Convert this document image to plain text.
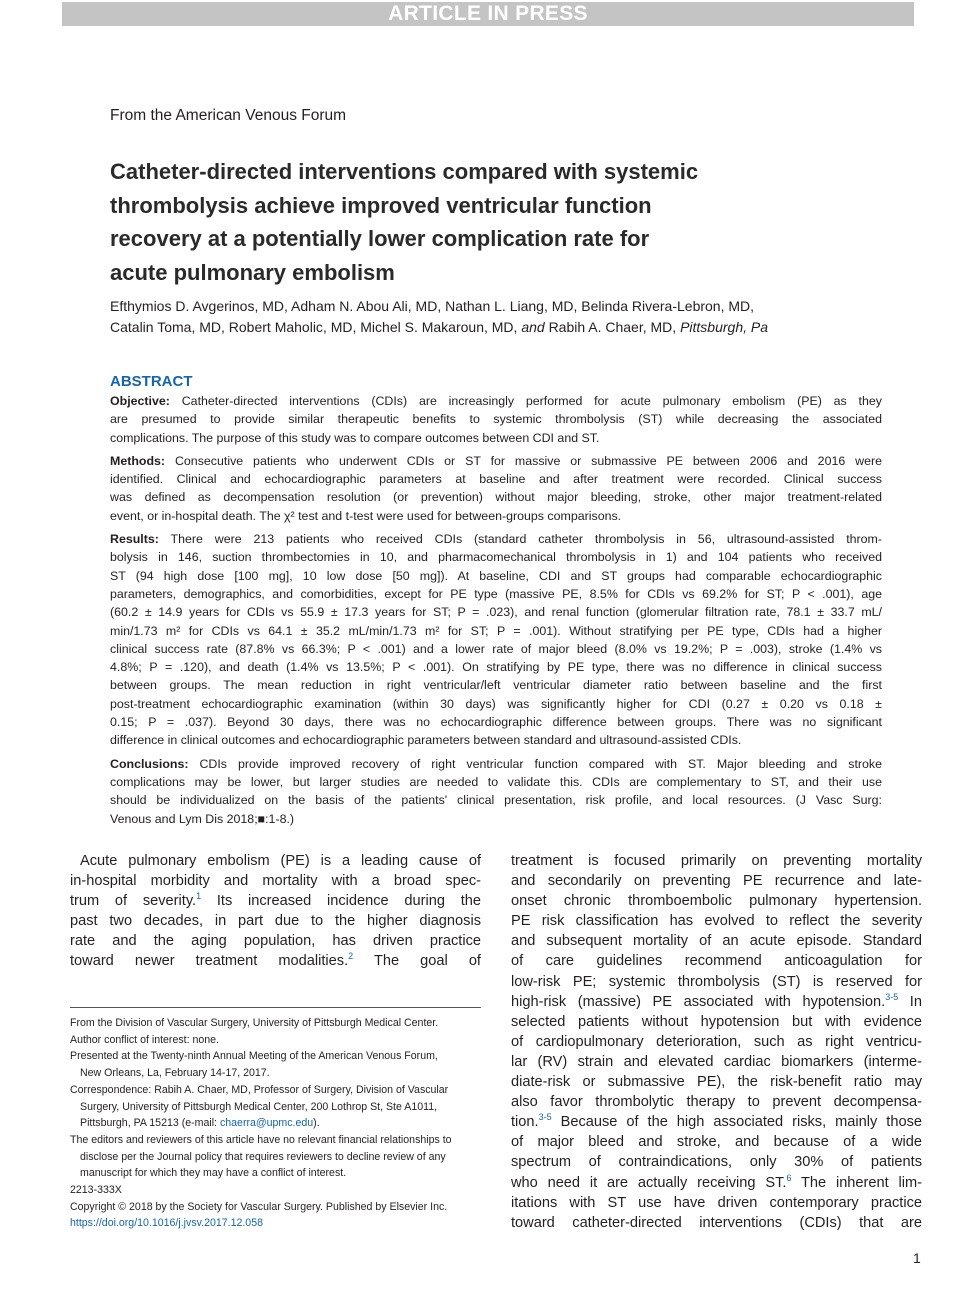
ARTICLE IN PRESS
From the American Venous Forum
Catheter-directed interventions compared with systemic
thrombolysis achieve improved ventricular function
recovery at a potentially lower complication rate for
acute pulmonary embolism
Efthymios D. Avgerinos, MD, Adham N. Abou Ali, MD, Nathan L. Liang, MD, Belinda Rivera-Lebron, MD,
Catalin Toma, MD, Robert Maholic, MD, Michel S. Makaroun, MD, and Rabih A. Chaer, MD, Pittsburgh, Pa
ABSTRACT
Objective: Catheter-directed interventions (CDIs) are increasingly performed for acute pulmonary embolism (PE) as they
are presumed to provide similar therapeutic benefits to systemic thrombolysis (ST) while decreasing the associated
complications. The purpose of this study was to compare outcomes between CDI and ST.
Methods: Consecutive patients who underwent CDIs or ST for massive or submassive PE between 2006 and 2016 were
identified. Clinical and echocardiographic parameters at baseline and after treatment were recorded. Clinical success
was defined as decompensation resolution (or prevention) without major bleeding, stroke, other major treatment-related
event, or in-hospital death. The χ² test and t-test were used for between-groups comparisons.
Results: There were 213 patients who received CDIs (standard catheter thrombolysis in 56, ultrasound-assisted throm-
bolysis in 146, suction thrombectomies in 10, and pharmacomechanical thrombolysis in 1) and 104 patients who received
ST (94 high dose [100 mg], 10 low dose [50 mg]). At baseline, CDI and ST groups had comparable echocardiographic
parameters, demographics, and comorbidities, except for PE type (massive PE, 8.5% for CDIs vs 69.2% for ST; P < .001), age
(60.2 ± 14.9 years for CDIs vs 55.9 ± 17.3 years for ST; P = .023), and renal function (glomerular filtration rate, 78.1 ± 33.7 mL/
min/1.73 m² for CDIs vs 64.1 ± 35.2 mL/min/1.73 m² for ST; P = .001). Without stratifying per PE type, CDIs had a higher
clinical success rate (87.8% vs 66.3%; P < .001) and a lower rate of major bleed (8.0% vs 19.2%; P = .003), stroke (1.4% vs
4.8%; P = .120), and death (1.4% vs 13.5%; P < .001). On stratifying by PE type, there was no difference in clinical success
between groups. The mean reduction in right ventricular/left ventricular diameter ratio between baseline and the first
post-treatment echocardiographic examination (within 30 days) was significantly higher for CDI (0.27 ± 0.20 vs 0.18 ±
0.15; P = .037). Beyond 30 days, there was no echocardiographic difference between groups. There was no significant
difference in clinical outcomes and echocardiographic parameters between standard and ultrasound-assisted CDIs.
Conclusions: CDIs provide improved recovery of right ventricular function compared with ST. Major bleeding and stroke
complications may be lower, but larger studies are needed to validate this. CDIs are complementary to ST, and their use
should be individualized on the basis of the patients' clinical presentation, risk profile, and local resources. (J Vasc Surg:
Venous and Lym Dis 2018;■:1-8.)
Acute pulmonary embolism (PE) is a leading cause of
in-hospital morbidity and mortality with a broad spec-
trum of severity.$^1$ Its increased incidence during the
past two decades, in part due to the higher diagnosis
rate and the aging population, has driven practice
toward newer treatment modalities.$^2$ The goal of
From the Division of Vascular Surgery, University of Pittsburgh Medical Center.
Author conflict of interest: none.
Presented at the Twenty-ninth Annual Meeting of the American Venous Forum,
New Orleans, La, February 14-17, 2017.
Correspondence: Rabih A. Chaer, MD, Professor of Surgery, Division of Vascular
Surgery, University of Pittsburgh Medical Center, 200 Lothrop St, Ste A1011,
Pittsburgh, PA 15213 (e-mail: chaerra@upmc.edu).
The editors and reviewers of this article have no relevant financial relationships to
disclose per the Journal policy that requires reviewers to decline review of any
manuscript for which they may have a conflict of interest.
2213-333X
Copyright © 2018 by the Society for Vascular Surgery. Published by Elsevier Inc.
https://doi.org/10.1016/j.jvsv.2017.12.058
treatment is focused primarily on preventing mortality
and secondarily on preventing PE recurrence and late-
onset chronic thromboembolic pulmonary hypertension.
PE risk classification has evolved to reflect the severity
and subsequent mortality of an acute episode. Standard
of care guidelines recommend anticoagulation for
low-risk PE; systemic thrombolysis (ST) is reserved for
high-risk (massive) PE associated with hypotension.$^{3-5}$ In
selected patients without hypotension but with evidence
of cardiopulmonary deterioration, such as right ventricu-
lar (RV) strain and elevated cardiac biomarkers (interme-
diate-risk or submassive PE), the risk-benefit ratio may
also favor thrombolytic therapy to prevent decompensa-
tion.$^{3-5}$ Because of the high associated risks, mainly those
of major bleed and stroke, and because of a wide
spectrum of contraindications, only 30% of patients
who need it are actually receiving ST.$^6$ The inherent lim-
itations with ST use have driven contemporary practice
toward catheter-directed interventions (CDIs) that are
1
